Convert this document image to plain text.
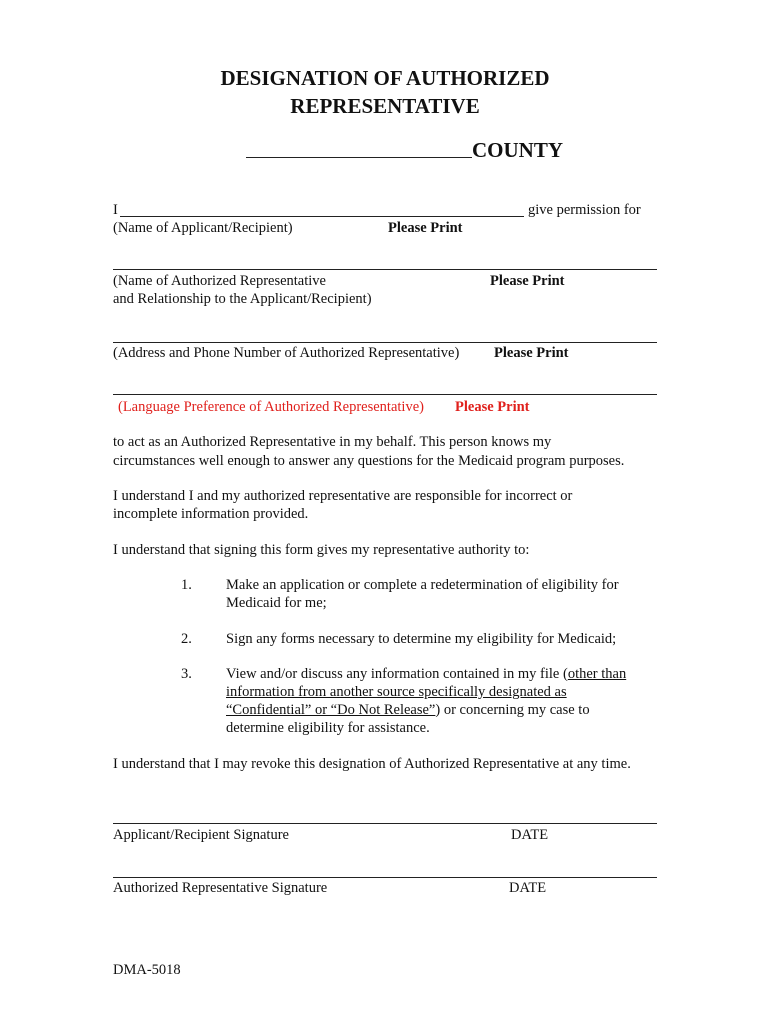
DESIGNATION OF AUTHORIZED
REPRESENTATIVE
COUNTY
I	give permission for
(Name of Applicant/Recipient)	Please Print
(Name of Authorized Representative
and Relationship to the Applicant/Recipient)
Please Print
(Address and Phone Number of Authorized Representative) Please Print
(Language Preference of Authorized Representative) Please Print
to act as an Authorized Representative in my behalf. This person knows my
circumstances well enough to answer any questions for the Medicaid program purposes.
I understand I and my authorized representative are responsible for incorrect or
incomplete information provided.
I understand that signing this form gives my representative authority to:
1. Make an application or complete a redetermination of eligibility for
Medicaid for me;
2. Sign any forms necessary to determine my eligibility for Medicaid;
3. View and/or discuss any information contained in my file (other than
information from another source specifically designated as
“Confidential” or “Do Not Release”) or concerning my case to
determine eligibility for assistance.
I understand that I may revoke this designation of Authorized Representative at any time.
Applicant/Recipient Signature	DATE
Authorized Representative Signature	DATE
DMA-5018
